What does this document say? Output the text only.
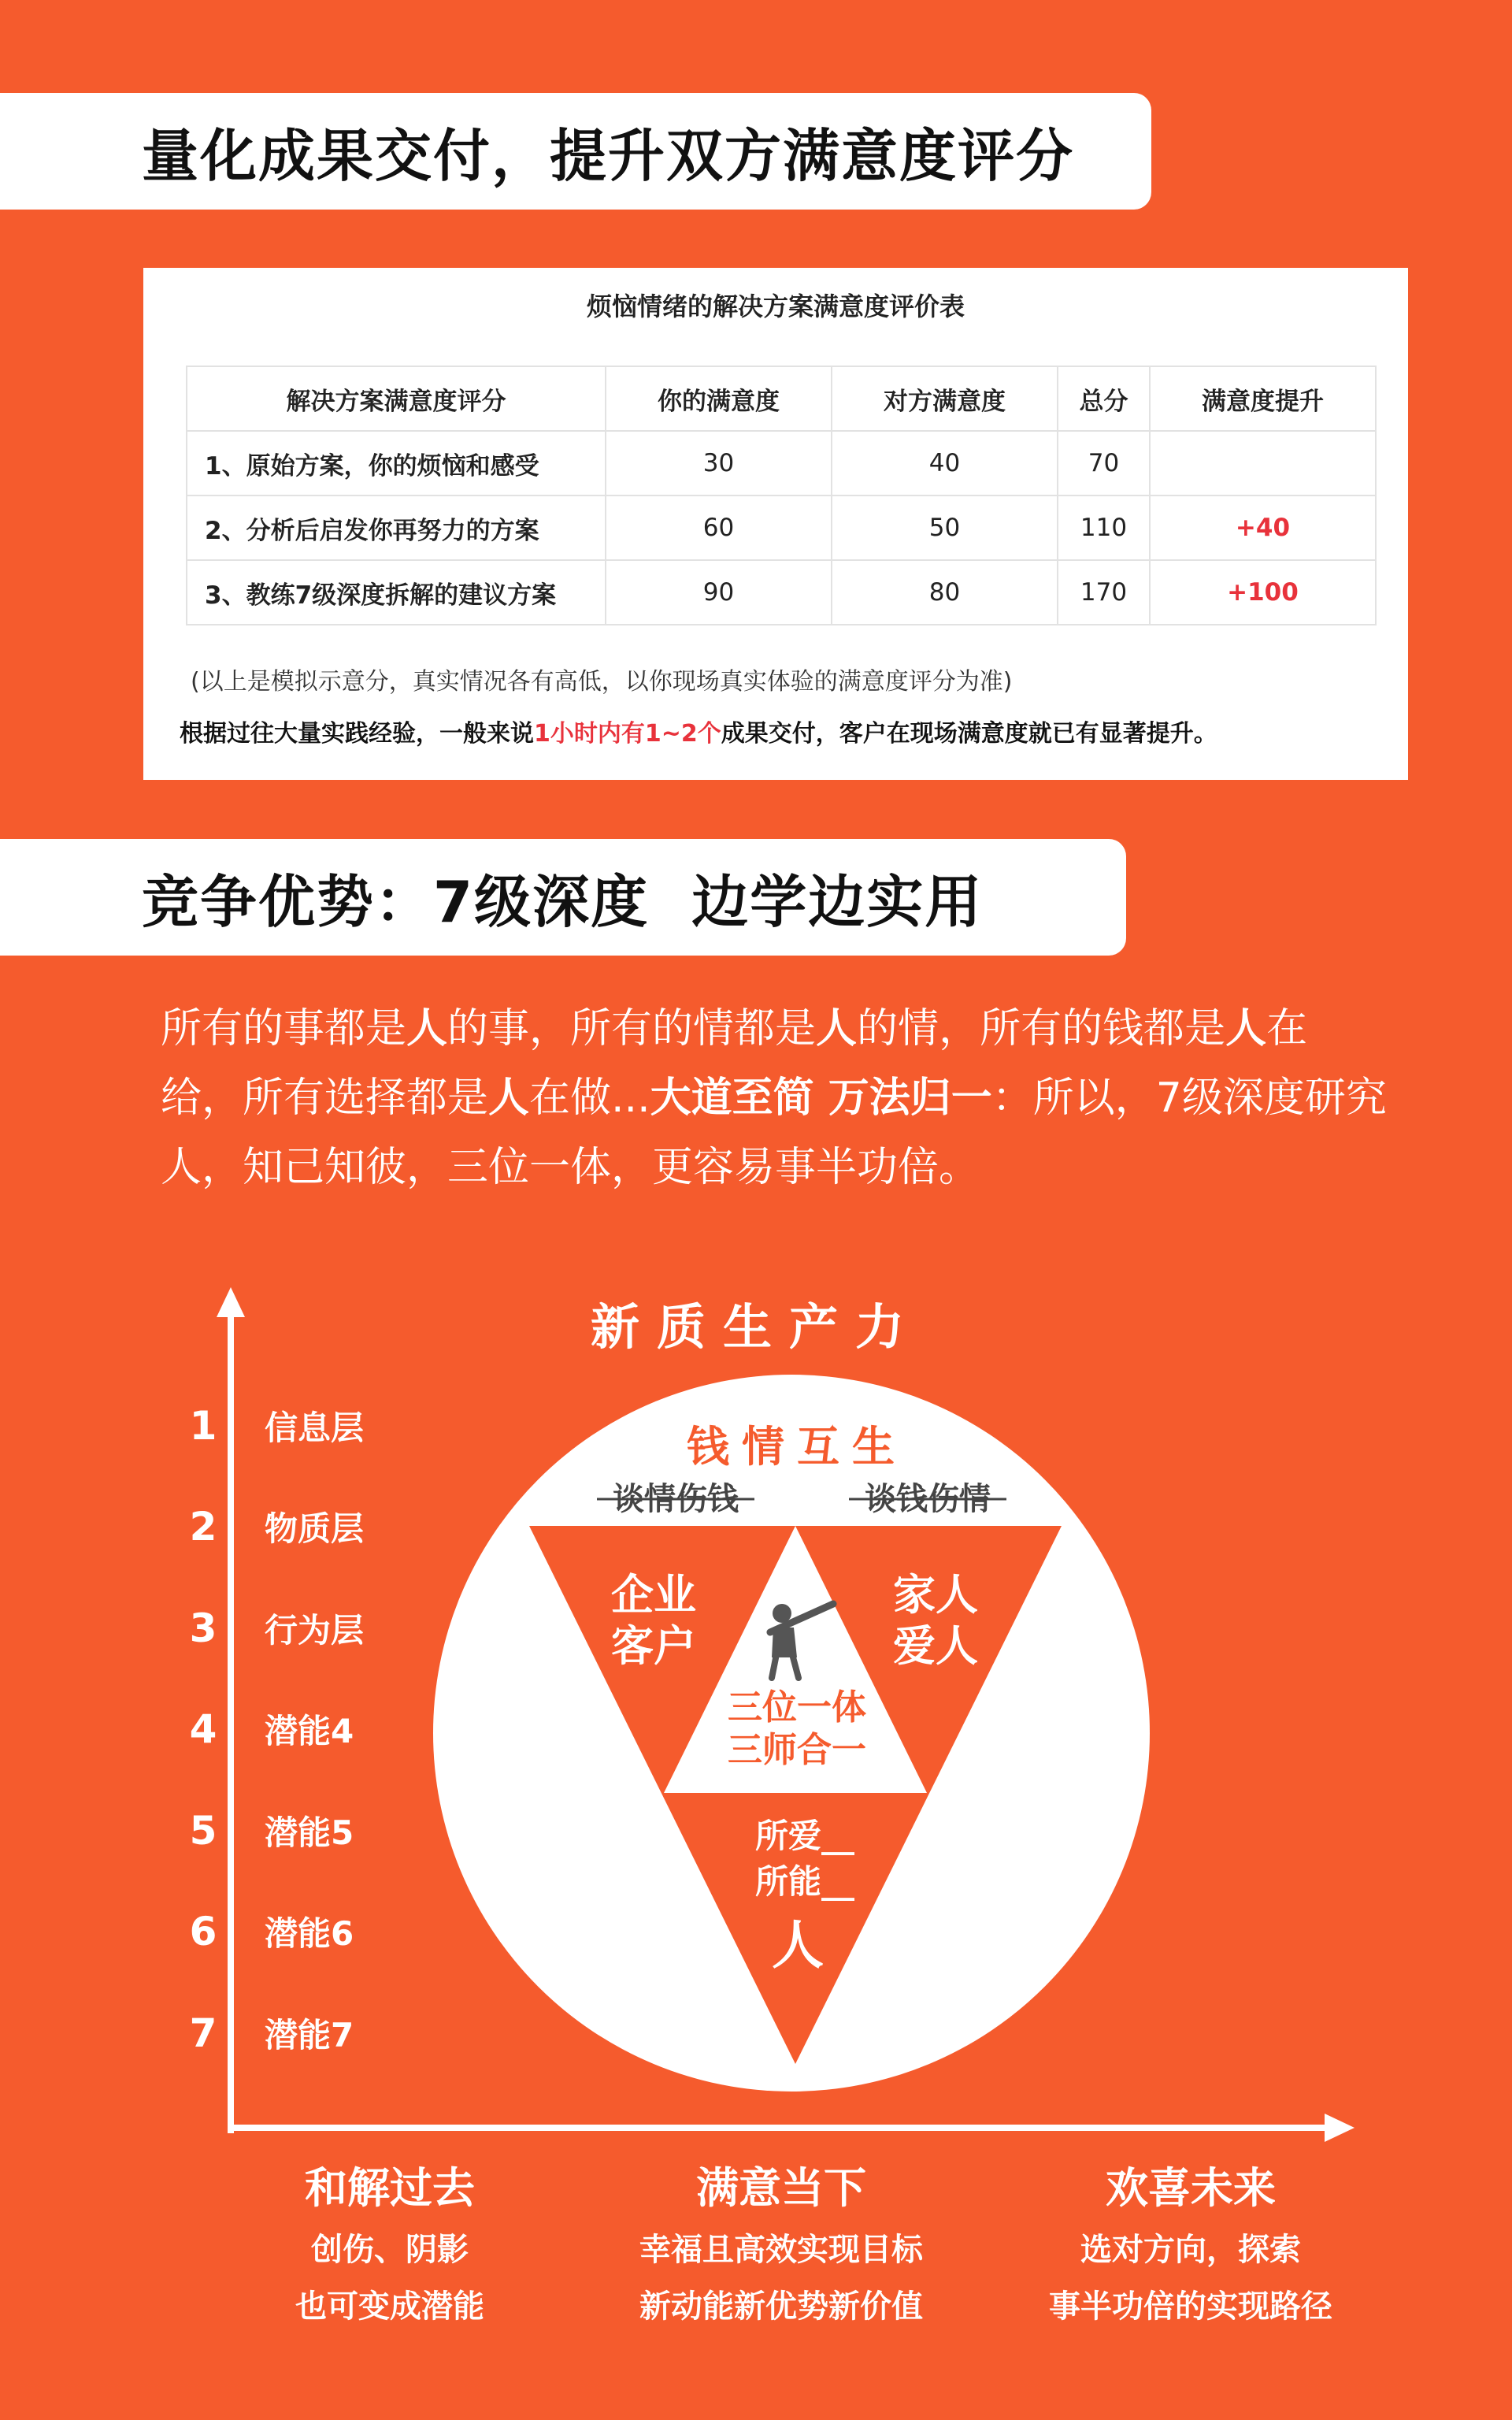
量化成果交付，提升双方满意度评分
烦恼情绪的解决方案满意度评价表
解决方案满意度评分	你的满意度	对方满意度	总分	满意度提升
1、原始方案，你的烦恼和感受	30	40	70	
2、分析后启发你再努力的方案	60	50	110	+40
3、教练7级深度拆解的建议方案	90	80	170	+100
(以上是模拟示意分，真实情况各有高低，以你现场真实体验的满意度评分为准)
根据过往大量实践经验，一般来说1小时内有1~2个成果交付，客户在现场满意度就已有显著提升。
竞争优势：7级深度  边学边实用
所有的事都是人的事，所有的情都是人的情，所有的钱都是人在给，所有选择都是人在做...大道至简 万法归一：所以，7级深度研究人，知己知彼，三位一体，更容易事半功倍。
新质生产力
1	信息层
2	物质层
3	行为层
4	潜能4
5	潜能5
6	潜能6
7	潜能7
钱情互生
谈情伤钱	谈钱伤情
企业
客户
家人
爱人
三位一体
三师合一
所爱__
所能__
人
和解过去
创伤、阴影
也可变成潜能
满意当下
幸福且高效实现目标
新动能新优势新价值
欢喜未来
选对方向，探索
事半功倍的实现路径
